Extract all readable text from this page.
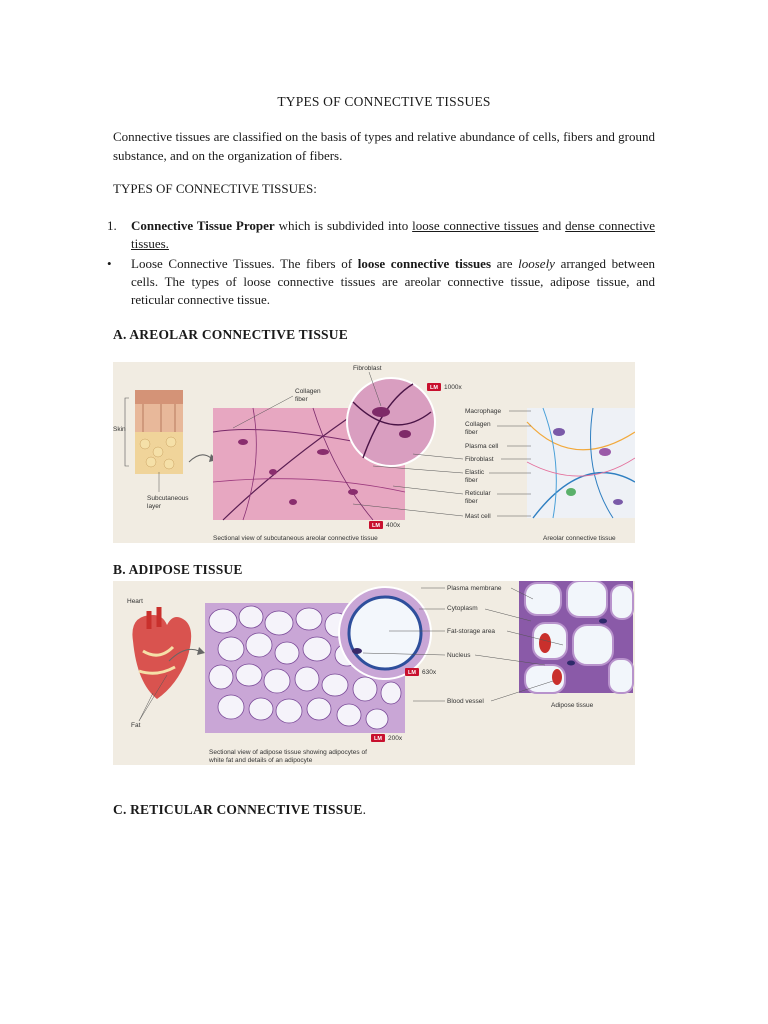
TYPES OF CONNECTIVE TISSUES
Connective tissues are classified on the basis of types and relative abundance of cells, fibers and ground substance, and on the organization of fibers.
TYPES OF CONNECTIVE TISSUES:
1.	Connective Tissue Proper which is subdivided into loose connective tissues and dense connective tissues.
•	Loose Connective Tissues. The fibers of loose connective tissues are loosely arranged between cells. The types of loose connective tissues are areolar connective tissue, adipose tissue, and reticular connective tissue.
A. AREOLAR CONNECTIVE TISSUE
Skin
Subcutaneous
layer
LM 400x
Fibroblast
LM 1000x
Collagen
fiber
Macrophage
Collagen
fiber
Plasma cell
Fibroblast
Elastic
fiber
Reticular
fiber
Mast cell
Sectional view of subcutaneous areolar connective tissue	Areolar connective tissue
B. ADIPOSE TISSUE
Heart
Fat
LM 200x
LM 630x
Adipose tissue
Plasma membrane
Cytoplasm
Fat-storage area
Nucleus
Blood vessel
Sectional view of adipose tissue showing adipocytes of
white fat and details of an adipocyte
C. RETICULAR CONNECTIVE TISSUE.
